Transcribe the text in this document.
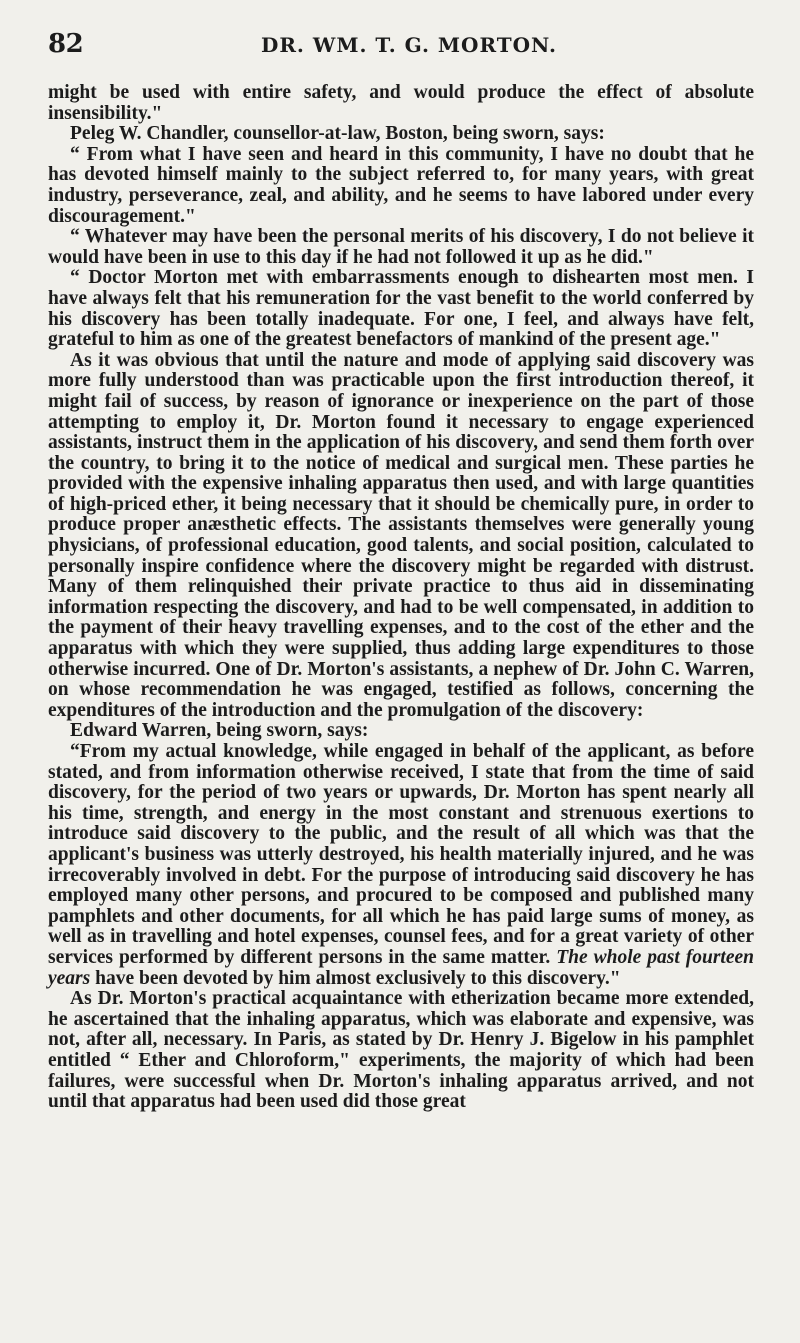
82	DR. WM. T. G. MORTON.

might be used with entire safety, and would produce the effect of absolute insensibility."

Peleg W. Chandler, counsellor-at-law, Boston, being sworn, says:

“ From what I have seen and heard in this community, I have no doubt that he has devoted himself mainly to the subject referred to, for many years, with great industry, perseverance, zeal, and ability, and he seems to have labored under every discouragement."

“ Whatever may have been the personal merits of his discovery, I do not believe it would have been in use to this day if he had not followed it up as he did."

“ Doctor Morton met with embarrassments enough to dishearten most men. I have always felt that his remuneration for the vast benefit to the world conferred by his discovery has been totally inadequate. For one, I feel, and always have felt, grateful to him as one of the greatest benefactors of mankind of the present age."

As it was obvious that until the nature and mode of applying said discovery was more fully understood than was practicable upon the first introduction thereof, it might fail of success, by reason of ignorance or inexperience on the part of those attempting to employ it, Dr. Morton found it necessary to engage experienced assistants, instruct them in the application of his discovery, and send them forth over the country, to bring it to the notice of medical and surgical men. These parties he provided with the expensive inhaling apparatus then used, and with large quantities of high-priced ether, it being necessary that it should be chemically pure, in order to produce proper anæsthetic effects. The assistants themselves were generally young physicians, of professional education, good talents, and social position, calculated to personally inspire confidence where the discovery might be regarded with distrust. Many of them relinquished their private practice to thus aid in disseminating information respecting the discovery, and had to be well compensated, in addition to the payment of their heavy travelling expenses, and to the cost of the ether and the apparatus with which they were supplied, thus adding large expenditures to those otherwise incurred. One of Dr. Morton's assistants, a nephew of Dr. John C. Warren, on whose recommendation he was engaged, testified as follows, concerning the expenditures of the introduction and the promulgation of the discovery:

Edward Warren, being sworn, says:

“From my actual knowledge, while engaged in behalf of the applicant, as before stated, and from information otherwise received, I state that from the time of said discovery, for the period of two years or upwards, Dr. Morton has spent nearly all his time, strength, and energy in the most constant and strenuous exertions to introduce said discovery to the public, and the result of all which was that the applicant's business was utterly destroyed, his health materially injured, and he was irrecoverably involved in debt. For the purpose of introducing said discovery he has employed many other persons, and procured to be composed and published many pamphlets and other documents, for all which he has paid large sums of money, as well as in travelling and hotel expenses, counsel fees, and for a great variety of other services performed by different persons in the same matter. The whole past fourteen years have been devoted by him almost exclusively to this discovery."

As Dr. Morton's practical acquaintance with etherization became more extended, he ascertained that the inhaling apparatus, which was elaborate and expensive, was not, after all, necessary. In Paris, as stated by Dr. Henry J. Bigelow in his pamphlet entitled “ Ether and Chloroform," experiments, the majority of which had been failures, were successful when Dr. Morton's inhaling apparatus arrived, and not until that apparatus had been used did those great
